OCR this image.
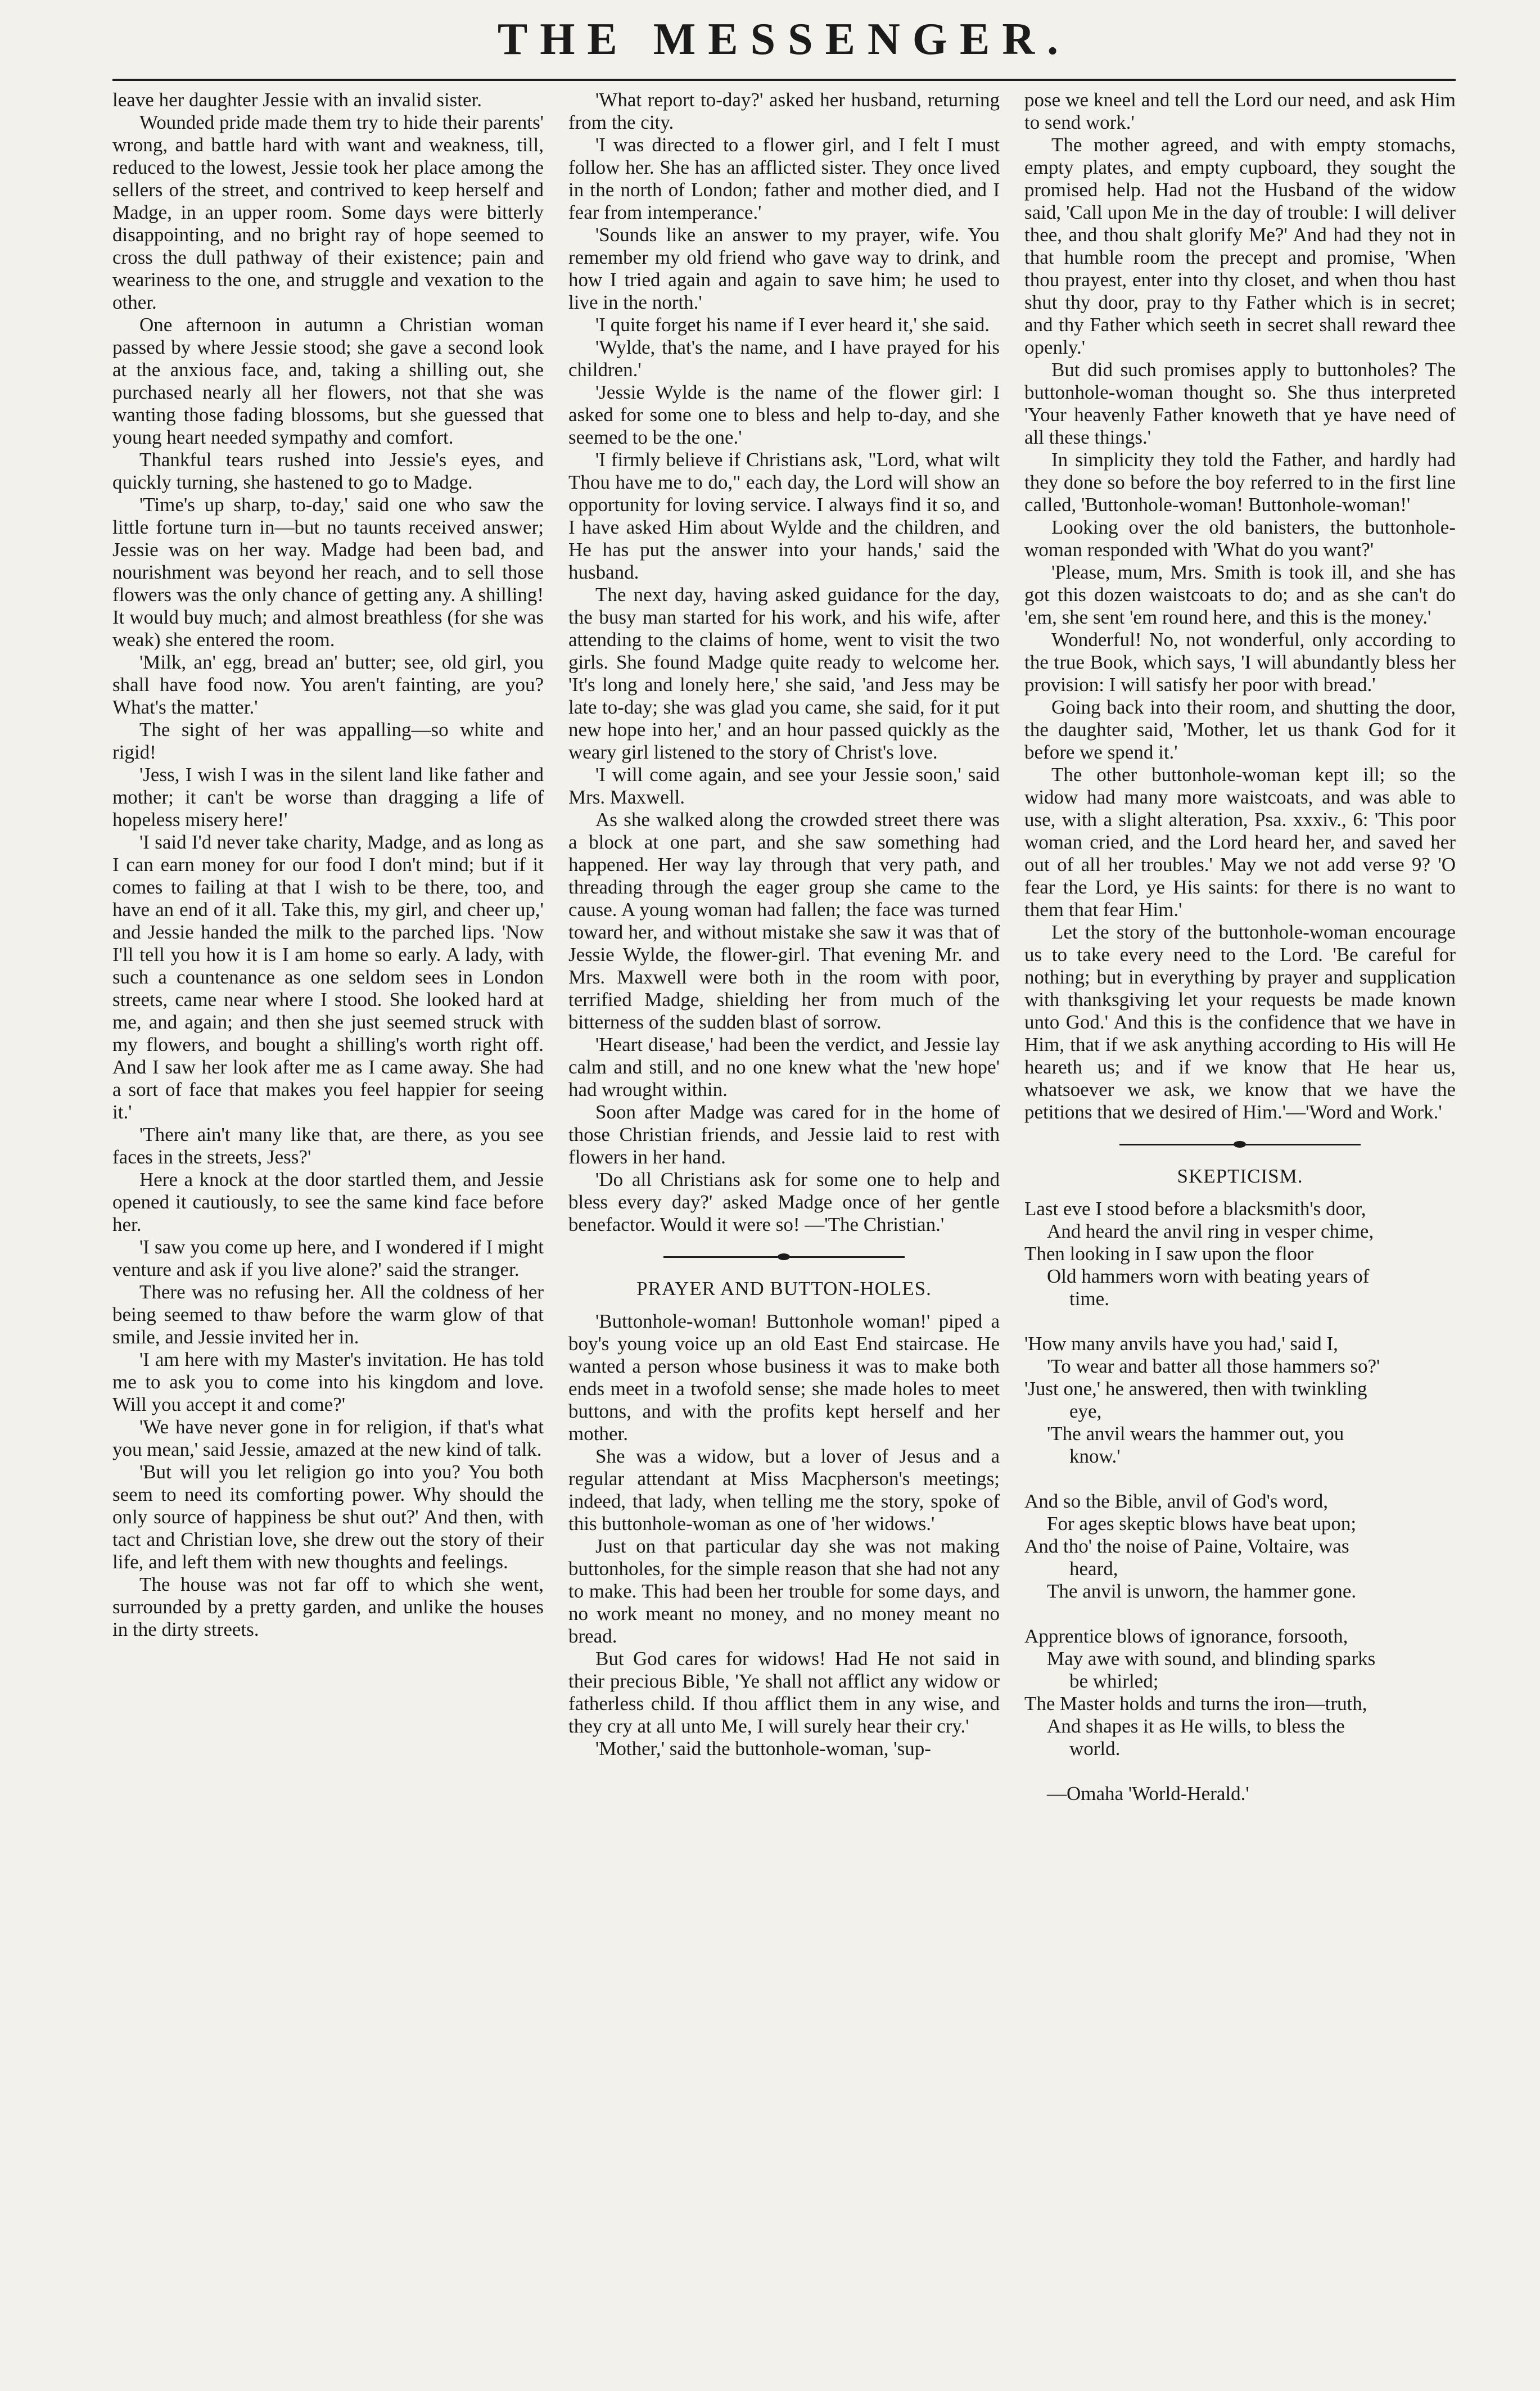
THE MESSENGER.

leave her daughter Jessie with an invalid sister.

Wounded pride made them try to hide their parents' wrong, and battle hard with want and weakness, till, reduced to the lowest, Jessie took her place among the sellers of the street, and contrived to keep herself and Madge, in an upper room. Some days were bitterly disappointing, and no bright ray of hope seemed to cross the dull pathway of their existence; pain and weariness to the one, and struggle and vexation to the other.

One afternoon in autumn a Christian woman passed by where Jessie stood; she gave a second look at the anxious face, and, taking a shilling out, she purchased nearly all her flowers, not that she was wanting those fading blossoms, but she guessed that young heart needed sympathy and comfort.

Thankful tears rushed into Jessie's eyes, and quickly turning, she hastened to go to Madge.

'Time's up sharp, to-day,' said one who saw the little fortune turn in—but no taunts received answer; Jessie was on her way. Madge had been bad, and nourishment was beyond her reach, and to sell those flowers was the only chance of getting any. A shilling! It would buy much; and almost breathless (for she was weak) she entered the room.

'Milk, an' egg, bread an' butter; see, old girl, you shall have food now. You aren't fainting, are you? What's the matter.'

The sight of her was appalling—so white and rigid!

'Jess, I wish I was in the silent land like father and mother; it can't be worse than dragging a life of hopeless misery here!'

'I said I'd never take charity, Madge, and as long as I can earn money for our food I don't mind; but if it comes to failing at that I wish to be there, too, and have an end of it all. Take this, my girl, and cheer up,' and Jessie handed the milk to the parched lips. 'Now I'll tell you how it is I am home so early. A lady, with such a countenance as one seldom sees in London streets, came near where I stood. She looked hard at me, and again; and then she just seemed struck with my flowers, and bought a shilling's worth right off. And I saw her look after me as I came away. She had a sort of face that makes you feel happier for seeing it.'

'There ain't many like that, are there, as you see faces in the streets, Jess?'

Here a knock at the door startled them, and Jessie opened it cautiously, to see the same kind face before her.

'I saw you come up here, and I wondered if I might venture and ask if you live alone?' said the stranger.

There was no refusing her. All the coldness of her being seemed to thaw before the warm glow of that smile, and Jessie invited her in.

'I am here with my Master's invitation. He has told me to ask you to come into his kingdom and love. Will you accept it and come?'

'We have never gone in for religion, if that's what you mean,' said Jessie, amazed at the new kind of talk.

'But will you let religion go into you? You both seem to need its comforting power. Why should the only source of happiness be shut out?' And then, with tact and Christian love, she drew out the story of their life, and left them with new thoughts and feelings.

The house was not far off to which she went, surrounded by a pretty garden, and unlike the houses in the dirty streets.

'What report to-day?' asked her husband, returning from the city.

'I was directed to a flower girl, and I felt I must follow her. She has an afflicted sister. They once lived in the north of London; father and mother died, and I fear from intemperance.'

'Sounds like an answer to my prayer, wife. You remember my old friend who gave way to drink, and how I tried again and again to save him; he used to live in the north.'

'I quite forget his name if I ever heard it,' she said.

'Wylde, that's the name, and I have prayed for his children.'

'Jessie Wylde is the name of the flower girl: I asked for some one to bless and help to-day, and she seemed to be the one.'

'I firmly believe if Christians ask, "Lord, what wilt Thou have me to do," each day, the Lord will show an opportunity for loving service. I always find it so, and I have asked Him about Wylde and the children, and He has put the answer into your hands,' said the husband.

The next day, having asked guidance for the day, the busy man started for his work, and his wife, after attending to the claims of home, went to visit the two girls. She found Madge quite ready to welcome her. 'It's long and lonely here,' she said, 'and Jess may be late to-day; she was glad you came, she said, for it put new hope into her,' and an hour passed quickly as the weary girl listened to the story of Christ's love.

'I will come again, and see your Jessie soon,' said Mrs. Maxwell.

As she walked along the crowded street there was a block at one part, and she saw something had happened. Her way lay through that very path, and threading through the eager group she came to the cause. A young woman had fallen; the face was turned toward her, and without mistake she saw it was that of Jessie Wylde, the flower-girl. That evening Mr. and Mrs. Maxwell were both in the room with poor, terrified Madge, shielding her from much of the bitterness of the sudden blast of sorrow.

'Heart disease,' had been the verdict, and Jessie lay calm and still, and no one knew what the 'new hope' had wrought within.

Soon after Madge was cared for in the home of those Christian friends, and Jessie laid to rest with flowers in her hand.

'Do all Christians ask for some one to help and bless every day?' asked Madge once of her gentle benefactor. Would it were so! —'The Christian.'

PRAYER AND BUTTON-HOLES.

'Buttonhole-woman! Buttonhole woman!' piped a boy's young voice up an old East End staircase. He wanted a person whose business it was to make both ends meet in a twofold sense; she made holes to meet buttons, and with the profits kept herself and her mother.

She was a widow, but a lover of Jesus and a regular attendant at Miss Macpherson's meetings; indeed, that lady, when telling me the story, spoke of this buttonhole-woman as one of 'her widows.'

Just on that particular day she was not making buttonholes, for the simple reason that she had not any to make. This had been her trouble for some days, and no work meant no money, and no money meant no bread.

But God cares for widows! Had He not said in their precious Bible, 'Ye shall not afflict any widow or fatherless child. If thou afflict them in any wise, and they cry at all unto Me, I will surely hear their cry.'

'Mother,' said the buttonhole-woman, 'sup-

pose we kneel and tell the Lord our need, and ask Him to send work.'

The mother agreed, and with empty stomachs, empty plates, and empty cupboard, they sought the promised help. Had not the Husband of the widow said, 'Call upon Me in the day of trouble: I will deliver thee, and thou shalt glorify Me?' And had they not in that humble room the precept and promise, 'When thou prayest, enter into thy closet, and when thou hast shut thy door, pray to thy Father which is in secret; and thy Father which seeth in secret shall reward thee openly.'

But did such promises apply to buttonholes? The buttonhole-woman thought so. She thus interpreted 'Your heavenly Father knoweth that ye have need of all these things.'

In simplicity they told the Father, and hardly had they done so before the boy referred to in the first line called, 'Buttonhole-woman! Buttonhole-woman!'

Looking over the old banisters, the buttonhole-woman responded with 'What do you want?'

'Please, mum, Mrs. Smith is took ill, and she has got this dozen waistcoats to do; and as she can't do 'em, she sent 'em round here, and this is the money.'

Wonderful! No, not wonderful, only according to the true Book, which says, 'I will abundantly bless her provision: I will satisfy her poor with bread.'

Going back into their room, and shutting the door, the daughter said, 'Mother, let us thank God for it before we spend it.'

The other buttonhole-woman kept ill; so the widow had many more waistcoats, and was able to use, with a slight alteration, Psa. xxxiv., 6: 'This poor woman cried, and the Lord heard her, and saved her out of all her troubles.' May we not add verse 9? 'O fear the Lord, ye His saints: for there is no want to them that fear Him.'

Let the story of the buttonhole-woman encourage us to take every need to the Lord. 'Be careful for nothing; but in everything by prayer and supplication with thanksgiving let your requests be made known unto God.' And this is the confidence that we have in Him, that if we ask anything according to His will He heareth us; and if we know that He hear us, whatsoever we ask, we know that we have the petitions that we desired of Him.'—'Word and Work.'

SKEPTICISM.
Last eve I stood before a blacksmith's door,
And heard the anvil ring in vesper chime,
Then looking in I saw upon the floor
Old hammers worn with beating years of
time.
'How many anvils have you had,' said I,
'To wear and batter all those hammers so?'
'Just one,' he answered, then with twinkling
eye,
'The anvil wears the hammer out, you
know.'
And so the Bible, anvil of God's word,
For ages skeptic blows have beat upon;
And tho' the noise of Paine, Voltaire, was
heard,
The anvil is unworn, the hammer gone.
Apprentice blows of ignorance, forsooth,
May awe with sound, and blinding sparks
be whirled;
The Master holds and turns the iron—truth,
And shapes it as He wills, to bless the
world.
—Omaha 'World-Herald.'
